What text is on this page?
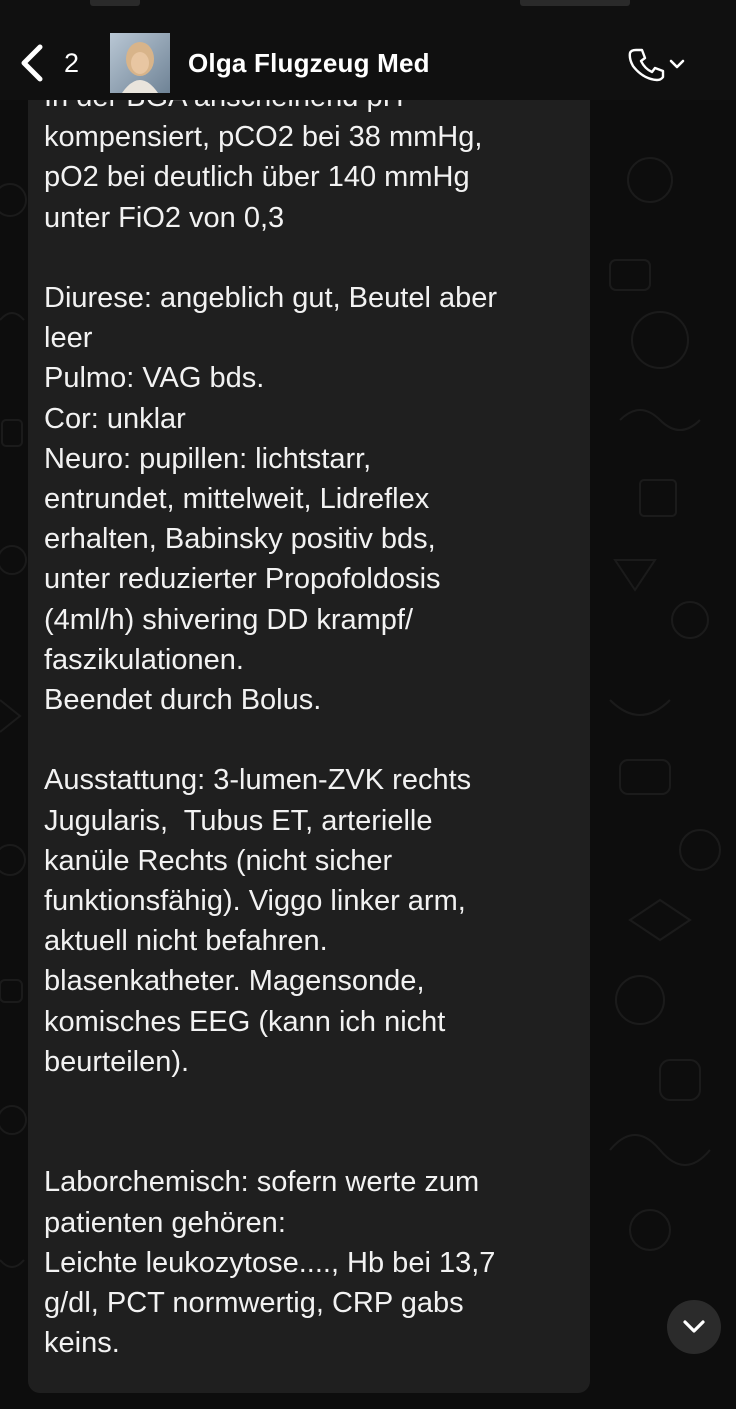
2	Olga Flugzeug Med

kompensiert, pCO2 bei 38 mmHg,
pO2 bei deutlich über 140 mmHg
unter FiO2 von 0,3

Diurese: angeblich gut, Beutel aber
leer
Pulmo: VAG bds.
Cor: unklar
Neuro: pupillen: lichtstarr,
entrundet, mittelweit, Lidreflex
erhalten, Babinsky positiv bds,
unter reduzierter Propofoldosis
(4ml/h) shivering DD krampf/
faszikulationen.
Beendet durch Bolus.

Ausstattung: 3-lumen-ZVK rechts
Jugularis,  Tubus ET, arterielle
kanüle Rechts (nicht sicher
funktionsfähig). Viggo linker arm,
aktuell nicht befahren.
blasenkatheter. Magensonde,
komisches EEG (kann ich nicht
beurteilen).

Laborchemisch: sofern werte zum
patienten gehören:
Leichte leukozytose...., Hb bei 13,7
g/dl, PCT normwertig, CRP gabs
keins.
